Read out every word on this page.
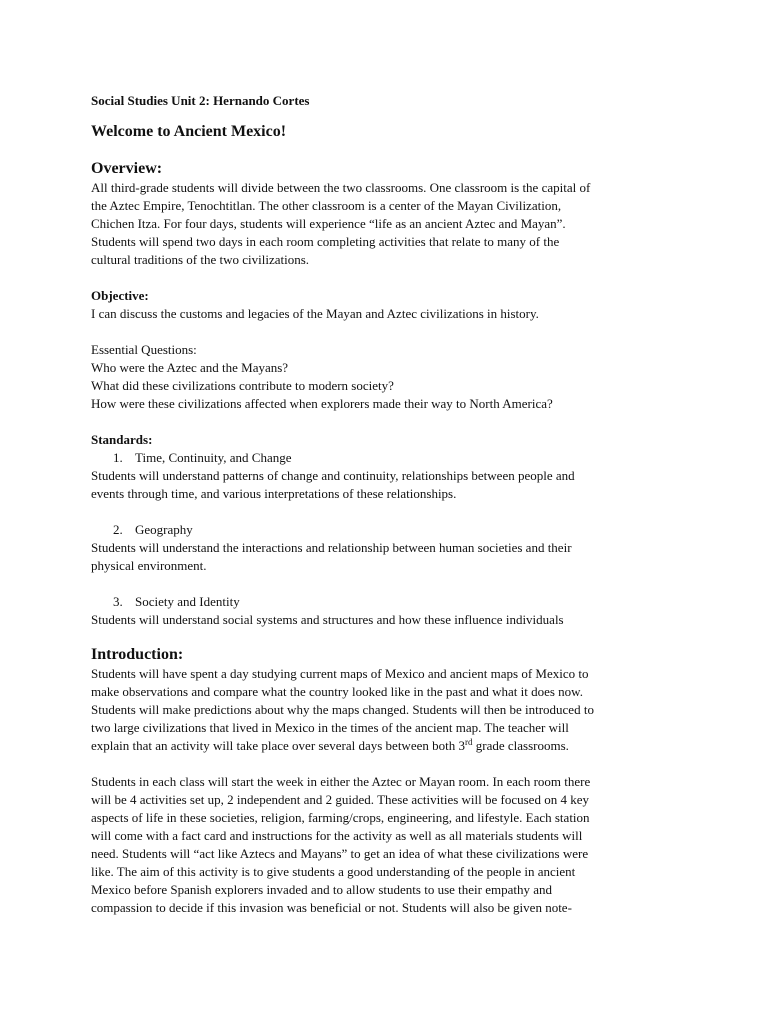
Social Studies Unit 2: Hernando Cortes

Welcome to Ancient Mexico!

Overview:

All third-grade students will divide between the two classrooms. One classroom is the capital of
the Aztec Empire, Tenochtitlan. The other classroom is a center of the Mayan Civilization,
Chichen Itza. For four days, students will experience “life as an ancient Aztec and Mayan”.
Students will spend two days in each room completing activities that relate to many of the
cultural traditions of the two civilizations.

Objective:

I can discuss the customs and legacies of the Mayan and Aztec civilizations in history.
Essential Questions:
Who were the Aztec and the Mayans?
What did these civilizations contribute to modern society?
How were these civilizations affected when explorers made their way to North America?

Standards:

1. Time, Continuity, and Change
Students will understand patterns of change and continuity, relationships between people and
events through time, and various interpretations of these relationships.
2. Geography
Students will understand the interactions and relationship between human societies and their
physical environment.
3. Society and Identity
Students will understand social systems and structures and how these influence individuals

Introduction:

Students will have spent a day studying current maps of Mexico and ancient maps of Mexico to
make observations and compare what the country looked like in the past and what it does now.
Students will make predictions about why the maps changed. Students will then be introduced to
two large civilizations that lived in Mexico in the times of the ancient map. The teacher will
explain that an activity will take place over several days between both 3rd grade classrooms.
Students in each class will start the week in either the Aztec or Mayan room. In each room there
will be 4 activities set up, 2 independent and 2 guided. These activities will be focused on 4 key
aspects of life in these societies, religion, farming/crops, engineering, and lifestyle. Each station
will come with a fact card and instructions for the activity as well as all materials students will
need. Students will “act like Aztecs and Mayans” to get an idea of what these civilizations were
like. The aim of this activity is to give students a good understanding of the people in ancient
Mexico before Spanish explorers invaded and to allow students to use their empathy and
compassion to decide if this invasion was beneficial or not. Students will also be given note-
